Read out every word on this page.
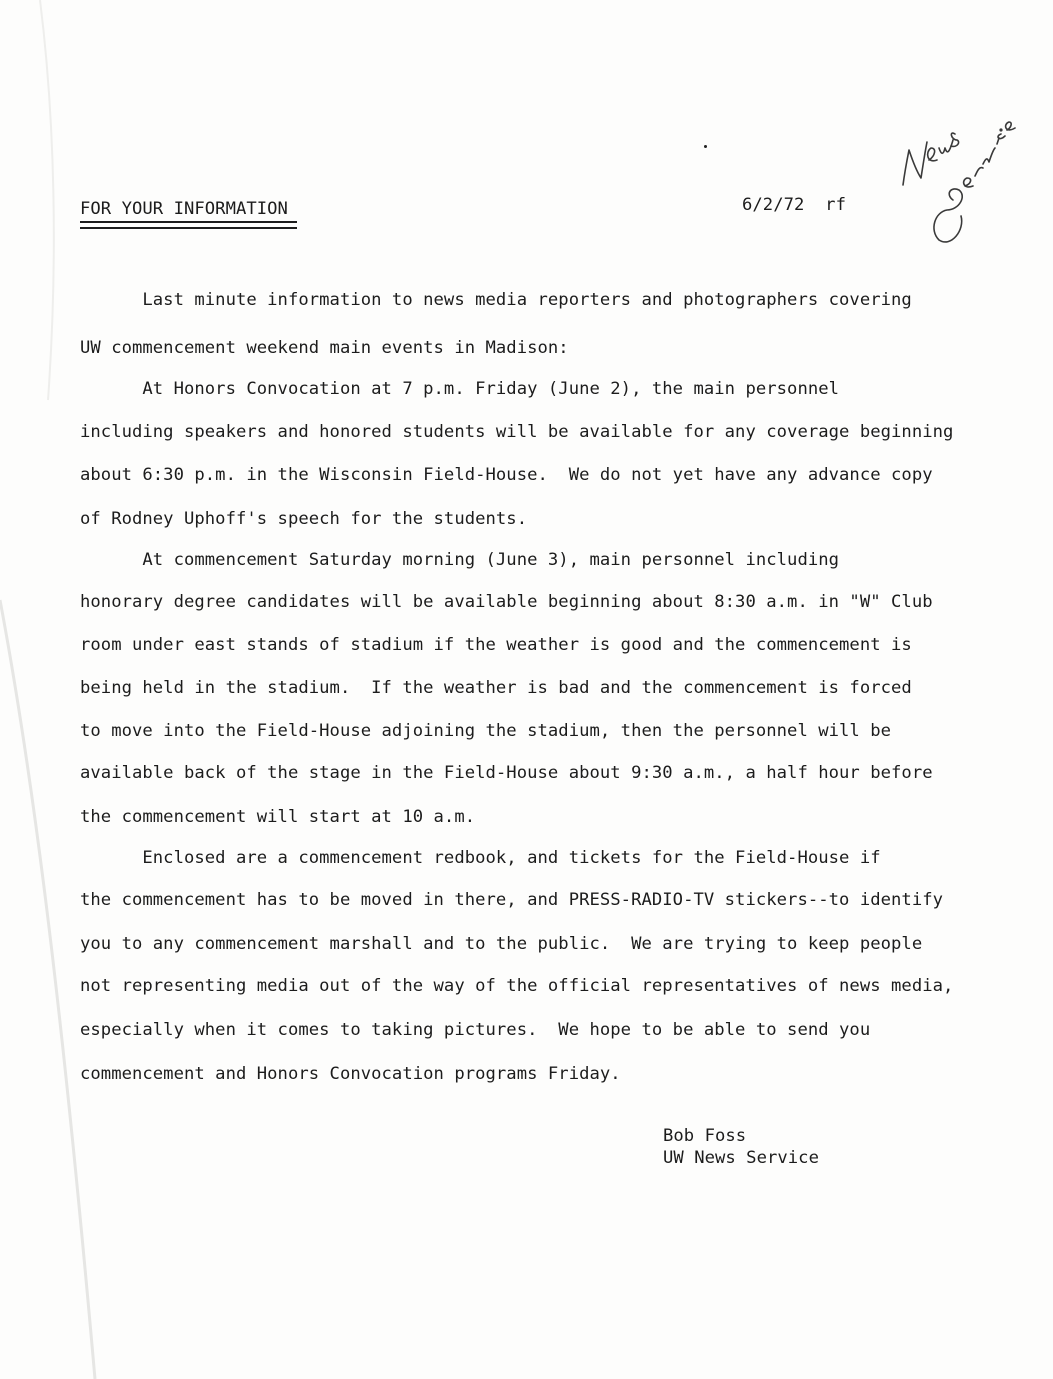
FOR YOUR INFORMATION	6/2/72  rf
Last minute information to news media reporters and photographers covering
UW commencement weekend main events in Madison:
At Honors Convocation at 7 p.m. Friday (June 2), the main personnel
including speakers and honored students will be available for any coverage beginning
about 6:30 p.m. in the Wisconsin Field-House.  We do not yet have any advance copy
of Rodney Uphoff's speech for the students.
At commencement Saturday morning (June 3), main personnel including
honorary degree candidates will be available beginning about 8:30 a.m. in "W" Club
room under east stands of stadium if the weather is good and the commencement is
being held in the stadium.  If the weather is bad and the commencement is forced
to move into the Field-House adjoining the stadium, then the personnel will be
available back of the stage in the Field-House about 9:30 a.m., a half hour before
the commencement will start at 10 a.m.
Enclosed are a commencement redbook, and tickets for the Field-House if
the commencement has to be moved in there, and PRESS-RADIO-TV stickers--to identify
you to any commencement marshall and to the public.  We are trying to keep people
not representing media out of the way of the official representatives of news media,
especially when it comes to taking pictures.  We hope to be able to send you
commencement and Honors Convocation programs Friday.
Bob Foss
UW News Service
